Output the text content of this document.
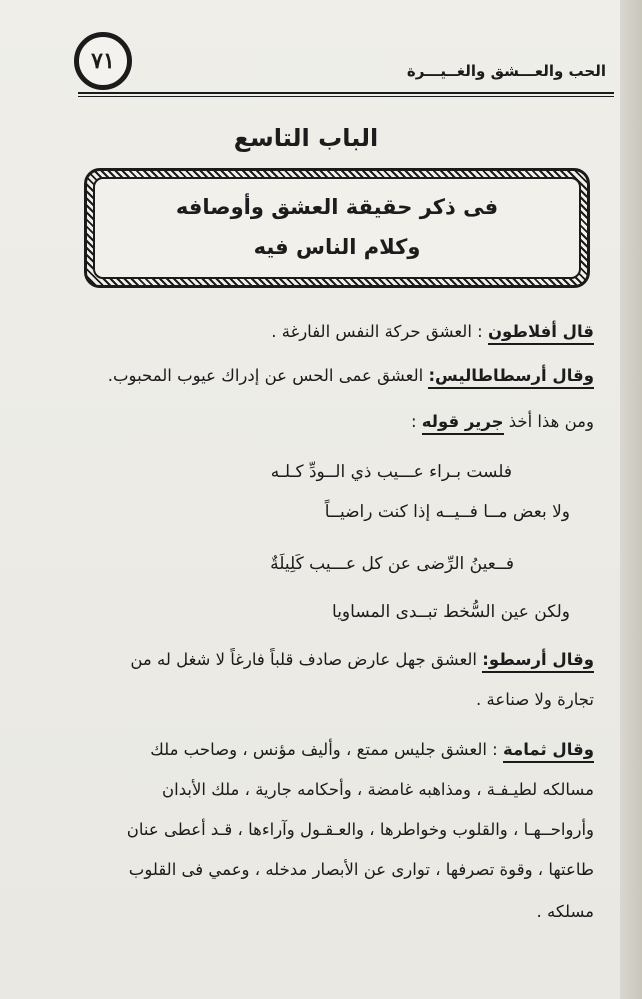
٧١	الحب والعـــشق والغــيـــرة
الباب التاسع
فى ذكر حقيقة العشق وأوصافه
وكلام الناس فيه
قال أفلاطون : العشق حركة النفس الفارغة .
وقال أرسطاطاليس: العشق عمى الحس عن إدراك عيوب المحبوب.
ومن هذا أخذ جرير قوله :
فلست بـراء عـــيب ذي الــودِّ كـلـه
ولا بعض مــا فــيــه إذا كنت راضيــاً
فــعينُ الرِّضى عن كل عـــيب كَلِيلَةٌ
ولكن عين السُّخط تبــدى المساويا
وقال أرسطو: العشق جهل عارض صادف قلباً فارغاً لا شغل له من
تجارة ولا صناعة .
وقال ثمامة : العشق جليس ممتع ، وأليف مؤنس ، وصاحب ملك
مسالكه لطيـفـة ، ومذاهبه غامضة ، وأحكامه جارية ، ملك الأبدان
وأرواحــهـا ، والقلوب وخواطرها ، والعـقـول وآراءها ، قـد أعطى عنان
طاعتها ، وقوة تصرفها ، توارى عن الأبصار مدخله ، وعمي فى القلوب
مسلكه .
